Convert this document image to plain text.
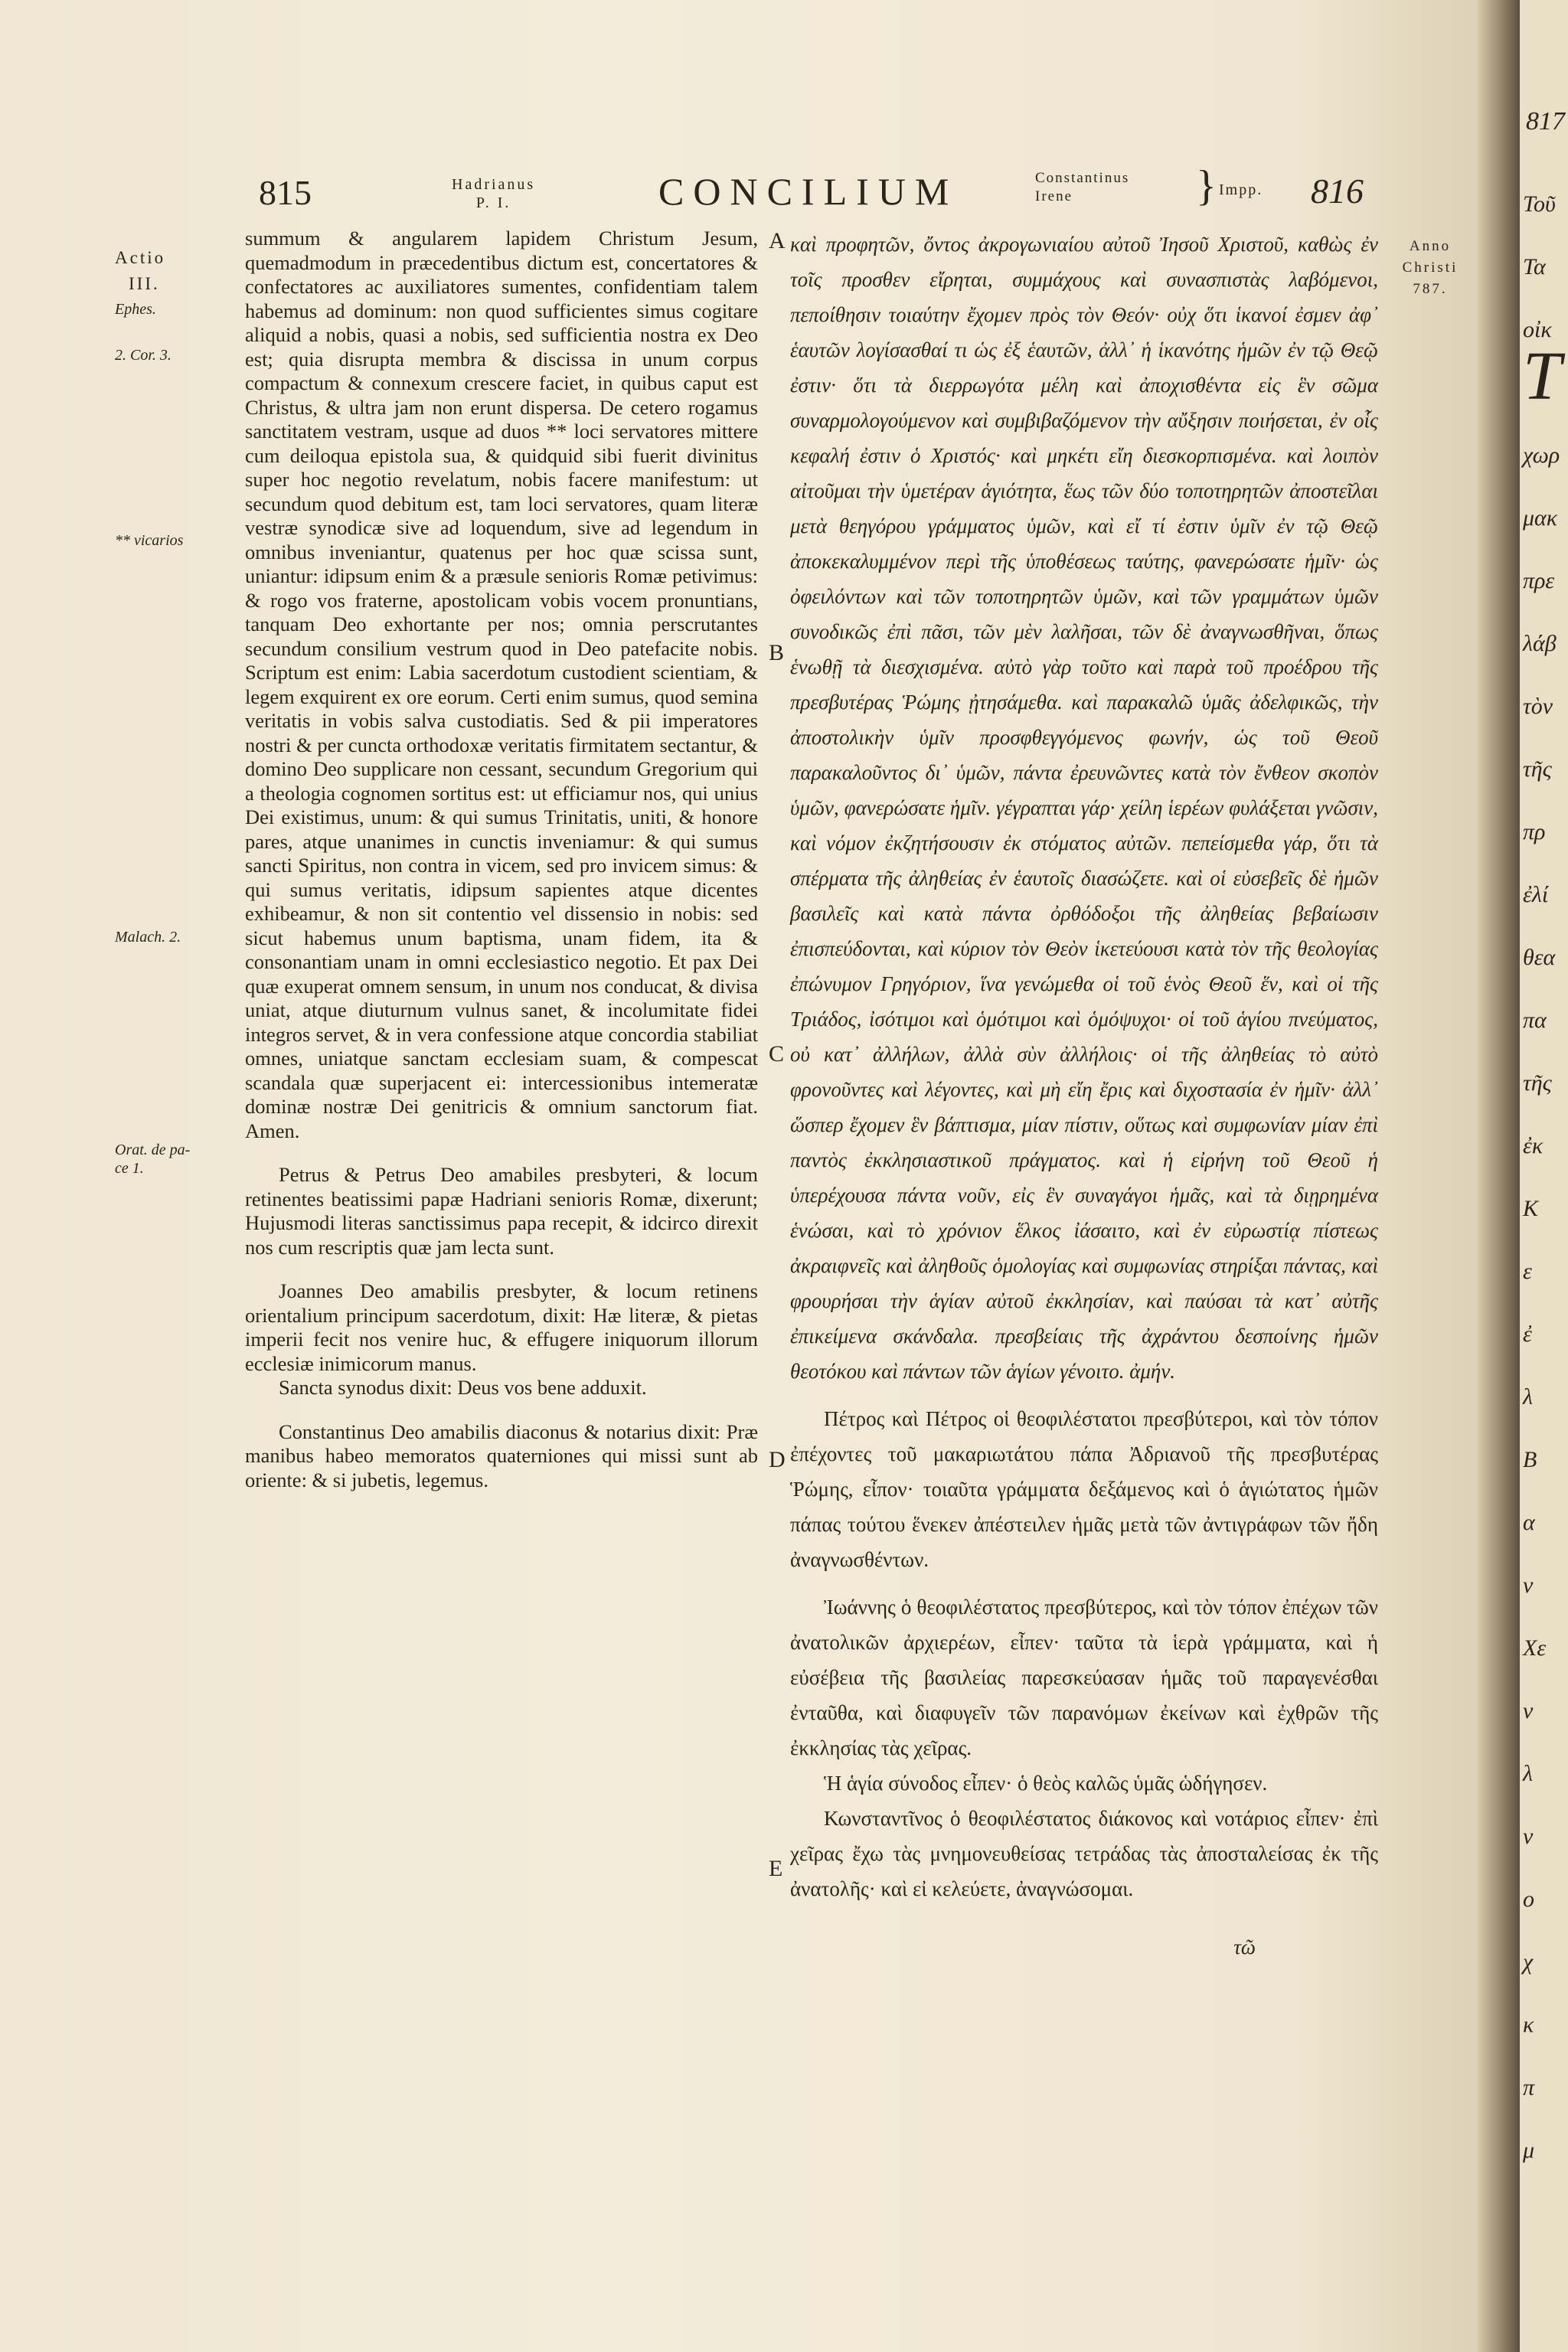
815	Hadrianus
P. I.	CONCILIUM	Constantinus
Irene	} Impp. 816
Actio
III.
Ephes.
2. Cor. 3.
** vicarios
Malach. 2.
Orat. de pa-
ce 1.
A
B
C
D
E
Anno
Christi
787.

summum & angularem lapidem Christum Jesum, quemadmodum in præcedentibus dictum est, concertatores & confectatores ac auxiliatores sumentes, confidentiam talem habemus ad dominum: non quod sufficientes simus cogitare aliquid a nobis, quasi a nobis, sed sufficientia nostra ex Deo est; quia disrupta membra & discissa in unum corpus compactum & connexum crescere faciet, in quibus caput est Christus, & ultra jam non erunt dispersa. De cetero rogamus sanctitatem vestram, usque ad duos ** loci servatores mittere cum deiloqua epistola sua, & quidquid sibi fuerit divinitus super hoc negotio revelatum, nobis facere manifestum: ut secundum quod debitum est, tam loci servatores, quam literæ vestræ synodicæ sive ad loquendum, sive ad legendum in omnibus inveniantur, quatenus per hoc quæ scissa sunt, uniantur: idipsum enim & a præsule senioris Romæ petivimus: & rogo vos fraterne, apostolicam vobis vocem pronuntians, tanquam Deo exhortante per nos; omnia perscrutantes secundum consilium vestrum quod in Deo patefacite nobis. Scriptum est enim: Labia sacerdotum custodient scientiam, & legem exquirent ex ore eorum. Certi enim sumus, quod semina veritatis in vobis salva custodiatis. Sed & pii imperatores nostri & per cuncta orthodoxæ veritatis firmitatem sectantur, & domino Deo supplicare non cessant, secundum Gregorium qui a theologia cognomen sortitus est: ut efficiamur nos, qui unius Dei existimus, unum: & qui sumus Trinitatis, uniti, & honore pares, atque unanimes in cunctis inveniamur: & qui sumus sancti Spiritus, non contra in vicem, sed pro invicem simus: & qui sumus veritatis, idipsum sapientes atque dicentes exhibeamur, & non sit contentio vel dissensio in nobis: sed sicut habemus unum baptisma, unam fidem, ita & consonantiam unam in omni ecclesiastico negotio. Et pax Dei quæ exuperat omnem sensum, in unum nos conducat, & divisa uniat, atque diuturnum vulnus sanet, & incolumitate fidei integros servet, & in vera confessione atque concordia stabiliat omnes, uniatque sanctam ecclesiam suam, & compescat scandala quæ superjacent ei: intercessionibus intemeratæ dominæ nostræ Dei genitricis & omnium sanctorum fiat. Amen.

Petrus & Petrus Deo amabiles presbyteri, & locum retinentes beatissimi papæ Hadriani senioris Romæ, dixerunt; Hujusmodi literas sanctissimus papa recepit, & idcirco direxit nos cum rescriptis quæ jam lecta sunt.

Joannes Deo amabilis presbyter, & locum retinens orientalium principum sacerdotum, dixit: Hæ literæ, & pietas imperii fecit nos venire huc, & effugere iniquorum illorum ecclesiæ inimicorum manus.

Sancta synodus dixit: Deus vos bene adduxit.

Constantinus Deo amabilis diaconus & notarius dixit: Præ manibus habeo memoratos quaterniones qui missi sunt ab oriente: & si jubetis, legemus.

καὶ προφητῶν, ὄντος ἀκρογωνιαίου αὐτοῦ Ἰησοῦ Χριστοῦ, καθὼς ἐν τοῖς προσθεν εἴρηται, συμμάχους καὶ συνασπιστὰς λαβόμενοι, πεποίθησιν τοιαύτην ἔχομεν πρὸς τὸν Θεόν· οὐχ ὅτι ἱκανοί ἐσμεν ἀφ᾽ ἑαυτῶν λογίσασθαί τι ὡς ἐξ ἑαυτῶν, ἀλλ᾽ ἡ ἱκανότης ἡμῶν ἐν τῷ Θεῷ ἐστιν· ὅτι τὰ διερρωγότα μέλη καὶ ἀποχισθέντα εἰς ἓν σῶμα συναρμολογούμενον καὶ συμβιβαζόμενον τὴν αὔξησιν ποιήσεται, ἐν οἷς κεφαλή ἐστιν ὁ Χριστός· καὶ μηκέτι εἴη διεσκορπισμένα. καὶ λοιπὸν αἰτοῦμαι τὴν ὑμετέραν ἁγιότητα, ἕως τῶν δύο τοποτηρητῶν ἀποστεῖλαι μετὰ θεηγόρου γράμματος ὑμῶν, καὶ εἴ τί ἐστιν ὑμῖν ἐν τῷ Θεῷ ἀποκεκαλυμμένον περὶ τῆς ὑποθέσεως ταύτης, φανερώσατε ἡμῖν· ὡς ὀφειλόντων καὶ τῶν τοποτηρητῶν ὑμῶν, καὶ τῶν γραμμάτων ὑμῶν συνοδικῶς ἐπὶ πᾶσι, τῶν μὲν λαλῆσαι, τῶν δὲ ἀναγνωσθῆναι, ὅπως ἑνωθῇ τὰ διεσχισμένα. αὐτὸ γὰρ τοῦτο καὶ παρὰ τοῦ προέδρου τῆς πρεσβυτέρας Ῥώμης ᾐτησάμεθα. καὶ παρακαλῶ ὑμᾶς ἀδελφικῶς, τὴν ἀποστολικὴν ὑμῖν προσφθεγγόμενος φωνήν, ὡς τοῦ Θεοῦ παρακαλοῦντος δι᾽ ὑμῶν, πάντα ἐρευνῶντες κατὰ τὸν ἔνθεον σκοπὸν ὑμῶν, φανερώσατε ἡμῖν. γέγραπται γάρ· χείλη ἱερέων φυλάξεται γνῶσιν, καὶ νόμον ἐκζητήσουσιν ἐκ στόματος αὐτῶν. πεπείσμεθα γάρ, ὅτι τὰ σπέρματα τῆς ἀληθείας ἐν ἑαυτοῖς διασώζετε. καὶ οἱ εὐσεβεῖς δὲ ἡμῶν βασιλεῖς καὶ κατὰ πάντα ὀρθόδοξοι τῆς ἀληθείας βεβαίωσιν ἐπισπεύδονται, καὶ κύριον τὸν Θεὸν ἱκετεύουσι κατὰ τὸν τῆς θεολογίας ἐπώνυμον Γρηγόριον, ἵνα γενώμεθα οἱ τοῦ ἑνὸς Θεοῦ ἕν, καὶ οἱ τῆς Τριάδος, ἰσότιμοι καὶ ὁμότιμοι καὶ ὁμόψυχοι· οἱ τοῦ ἁγίου πνεύματος, οὐ κατ᾽ ἀλλήλων, ἀλλὰ σὺν ἀλλήλοις· οἱ τῆς ἀληθείας τὸ αὐτὸ φρονοῦντες καὶ λέγοντες, καὶ μὴ εἴη ἔρις καὶ διχοστασία ἐν ἡμῖν· ἀλλ᾽ ὥσπερ ἔχομεν ἓν βάπτισμα, μίαν πίστιν, οὕτως καὶ συμφωνίαν μίαν ἐπὶ παντὸς ἐκκλησιαστικοῦ πράγματος. καὶ ἡ εἰρήνη τοῦ Θεοῦ ἡ ὑπερέχουσα πάντα νοῦν, εἰς ἓν συναγάγοι ἡμᾶς, καὶ τὰ διῃρημένα ἑνώσαι, καὶ τὸ χρόνιον ἕλκος ἰάσαιτο, καὶ ἐν εὐρωστίᾳ πίστεως ἀκραιφνεῖς καὶ ἀληθοῦς ὁμολογίας καὶ συμφωνίας στηρίξαι πάντας, καὶ φρουρήσαι τὴν ἁγίαν αὐτοῦ ἐκκλησίαν, καὶ παύσαι τὰ κατ᾽ αὐτῆς ἐπικείμενα σκάνδαλα. πρεσβείαις τῆς ἀχράντου δεσποίνης ἡμῶν θεοτόκου καὶ πάντων τῶν ἁγίων γένοιτο. ἀμήν.

Πέτρος καὶ Πέτρος οἱ θεοφιλέστατοι πρεσβύτεροι, καὶ τὸν τόπον ἐπέχοντες τοῦ μακαριωτάτου πάπα Ἀδριανοῦ τῆς πρεσβυτέρας Ῥώμης, εἶπον· τοιαῦτα γράμματα δεξάμενος καὶ ὁ ἁγιώτατος ἡμῶν πάπας τούτου ἕνεκεν ἀπέστειλεν ἡμᾶς μετὰ τῶν ἀντιγράφων τῶν ἤδη ἀναγνωσθέντων.

Ἰωάννης ὁ θεοφιλέστατος πρεσβύτερος, καὶ τὸν τόπον ἐπέχων τῶν ἀνατολικῶν ἀρχιερέων, εἶπεν· ταῦτα τὰ ἱερὰ γράμματα, καὶ ἡ εὐσέβεια τῆς βασιλείας παρεσκεύασαν ἡμᾶς τοῦ παραγενέσθαι ἐνταῦθα, καὶ διαφυγεῖν τῶν παρανόμων ἐκείνων καὶ ἐχθρῶν τῆς ἐκκλησίας τὰς χεῖρας.

Ἡ ἁγία σύνοδος εἶπεν· ὁ θεὸς καλῶς ὑμᾶς ὡδήγησεν.

Κωνσταντῖνος ὁ θεοφιλέστατος διάκονος καὶ νοτάριος εἶπεν· ἐπὶ χεῖρας ἔχω τὰς μνημονευθείσας τετράδας τὰς ἀποσταλείσας ἐκ τῆς ἀνατολῆς· καὶ εἰ κελεύετε, ἀναγνώσομαι.

τῶ

817
Τοῦ
Τα
οἰκ
Τ
χωρ
μακ
πρε
λάβ
τὸν
τῆς
πρ
ἐλί
θεα
πα
τῆς
ἐκ
Κ
ε
ἐ
λ
Β
α
ν
Χε
ν
λ
ν
ο
χ
κ
π
μ
